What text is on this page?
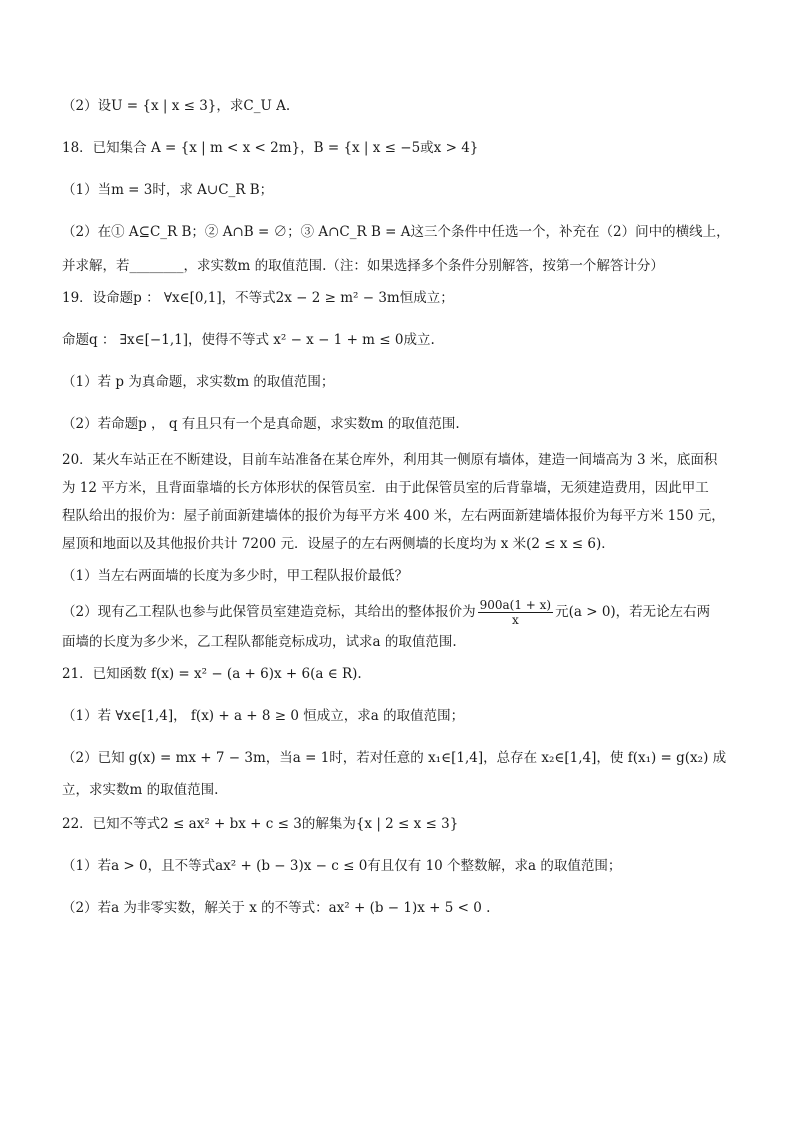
（2）设U = {x | x ≤ 3}，求C_U A.
18．已知集合 A = {x | m < x < 2m}，B = {x | x ≤ −5或x > 4}
（1）当m = 3时，求 A∪C_R B；
（2）在① A⊆C_R B；② A∩B = ∅；③ A∩C_R B = A这三个条件中任选一个，补充在（2）问中的横线上，
并求解，若________，求实数m 的取值范围.（注：如果选择多个条件分别解答，按第一个解答计分）
19．设命题p ： ∀x∈[0,1]，不等式2x − 2 ≥ m² − 3m恒成立；
命题q ： ∃x∈[−1,1]，使得不等式 x² − x − 1 + m ≤ 0成立.
（1）若 p 为真命题，求实数m 的取值范围；
（2）若命题p ， q 有且只有一个是真命题，求实数m 的取值范围.
20．某火车站正在不断建设，目前车站准备在某仓库外，利用其一侧原有墙体，建造一间墙高为 3 米，底面积
为 12 平方米，且背面靠墙的长方体形状的保管员室．由于此保管员室的后背靠墙，无须建造费用，因此甲工
程队给出的报价为：屋子前面新建墙体的报价为每平方米 400 米，左右两面新建墙体报价为每平方米 150 元，
屋顶和地面以及其他报价共计 7200 元．设屋子的左右两侧墙的长度均为 x 米(2 ≤ x ≤ 6)．
（1）当左右两面墙的长度为多少时，甲工程队报价最低？
面墙的长度为多少米，乙工程队都能竞标成功，试求a 的取值范围.
21．已知函数 f(x) = x² − (a + 6)x + 6(a ∈ R).
（1）若 ∀x∈[1,4]， f(x) + a + 8 ≥ 0 恒成立，求a 的取值范围；
（2）已知 g(x) = mx + 7 − 3m，当a = 1时，若对任意的 x₁∈[1,4]，总存在 x₂∈[1,4]，使 f(x₁) = g(x₂) 成
立，求实数m 的取值范围.
22．已知不等式2 ≤ ax² + bx + c ≤ 3的解集为{x | 2 ≤ x ≤ 3}
（1）若a > 0，且不等式ax² + (b − 3)x − c ≤ 0有且仅有 10 个整数解，求a 的取值范围；
（2）若a 为非零实数，解关于 x 的不等式：ax² + (b − 1)x + 5 < 0 .
（2）现有乙工程队也参与此保管员室建造竞标，其给出的整体报价为 $\frac{900a(1 + x)}{x}$ 元(a > 0)，若无论左右两
